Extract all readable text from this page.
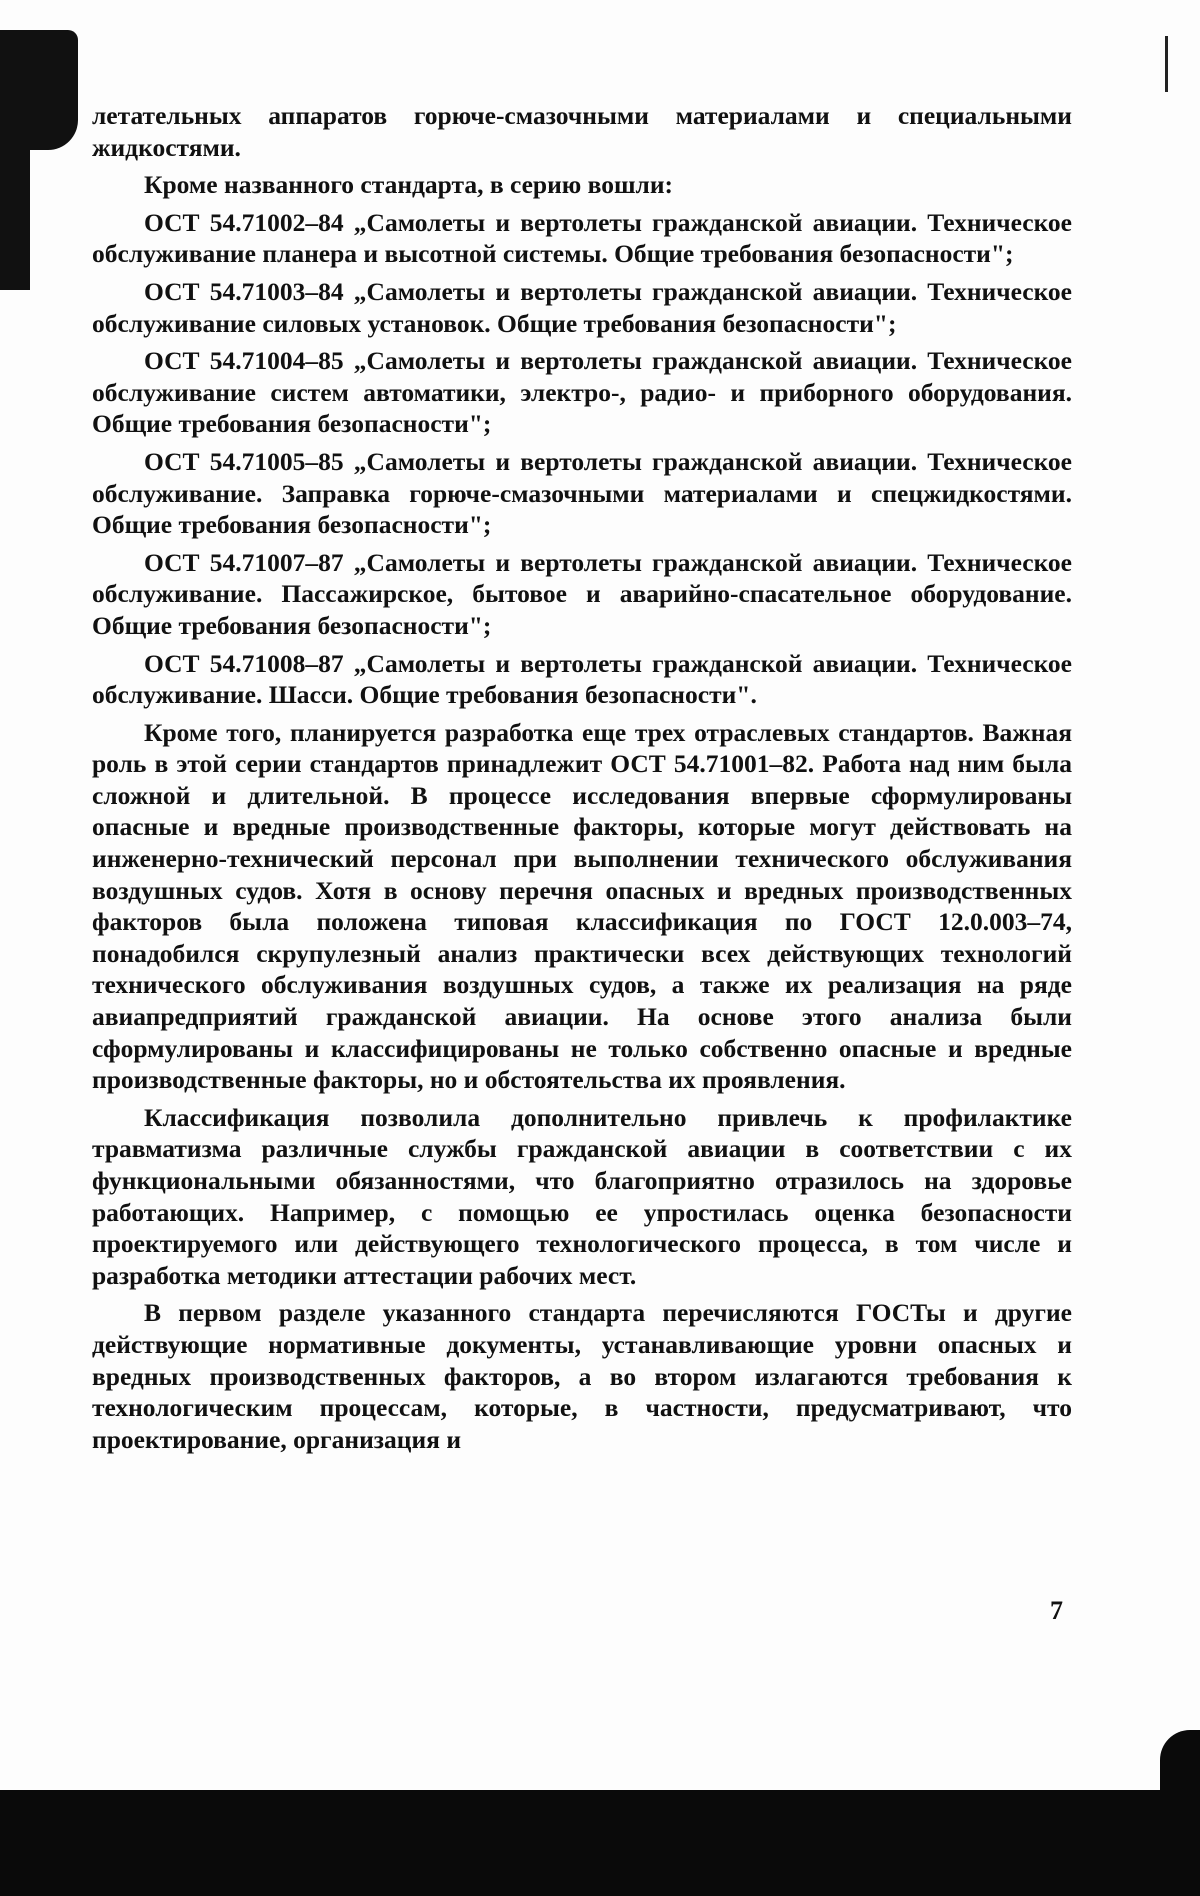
летательных аппаратов горюче-смазочными материалами и специальными жидкостями.

Кроме названного стандарта, в серию вошли:

ОСТ 54.71002–84 „Самолеты и вертолеты гражданской авиации. Техническое обслуживание планера и высотной системы. Общие требования безопасности";

ОСТ 54.71003–84 „Самолеты и вертолеты гражданской авиации. Техническое обслуживание силовых установок. Общие требования безопасности";

ОСТ 54.71004–85 „Самолеты и вертолеты гражданской авиации. Техническое обслуживание систем автоматики, электро-, радио- и приборного оборудования. Общие требования безопасности";

ОСТ 54.71005–85 „Самолеты и вертолеты гражданской авиации. Техническое обслуживание. Заправка горюче-смазочными материалами и спецжидкостями. Общие требования безопасности";

ОСТ 54.71007–87 „Самолеты и вертолеты гражданской авиации. Техническое обслуживание. Пассажирское, бытовое и аварийно-спасательное оборудование. Общие требования безопасности";

ОСТ 54.71008–87 „Самолеты и вертолеты гражданской авиации. Техническое обслуживание. Шасси. Общие требования безопасности".

Кроме того, планируется разработка еще трех отраслевых стандартов. Важная роль в этой серии стандартов принадлежит ОСТ 54.71001–82. Работа над ним была сложной и длительной. В процессе исследования впервые сформулированы опасные и вредные производственные факторы, которые могут действовать на инженерно-технический персонал при выполнении технического обслуживания воздушных судов. Хотя в основу перечня опасных и вредных производственных факторов была положена типовая классификация по ГОСТ 12.0.003–74, понадобился скрупулезный анализ практически всех действующих технологий технического обслуживания воздушных судов, а также их реализация на ряде авиапредприятий гражданской авиации. На основе этого анализа были сформулированы и классифицированы не только собственно опасные и вредные производственные факторы, но и обстоятельства их проявления.

Классификация позволила дополнительно привлечь к профилактике травматизма различные службы гражданской авиации в соответствии с их функциональными обязанностями, что благоприятно отразилось на здоровье работающих. Например, с помощью ее упростилась оценка безопасности проектируемого или действующего технологического процесса, в том числе и разработка методики аттестации рабочих мест.

В первом разделе указанного стандарта перечисляются ГОСТы и другие действующие нормативные документы, устанавливающие уровни опасных и вредных производственных факторов, а во втором излагаются требования к технологическим процессам, которые, в частности, предусматривают, что проектирование, организация и

7
